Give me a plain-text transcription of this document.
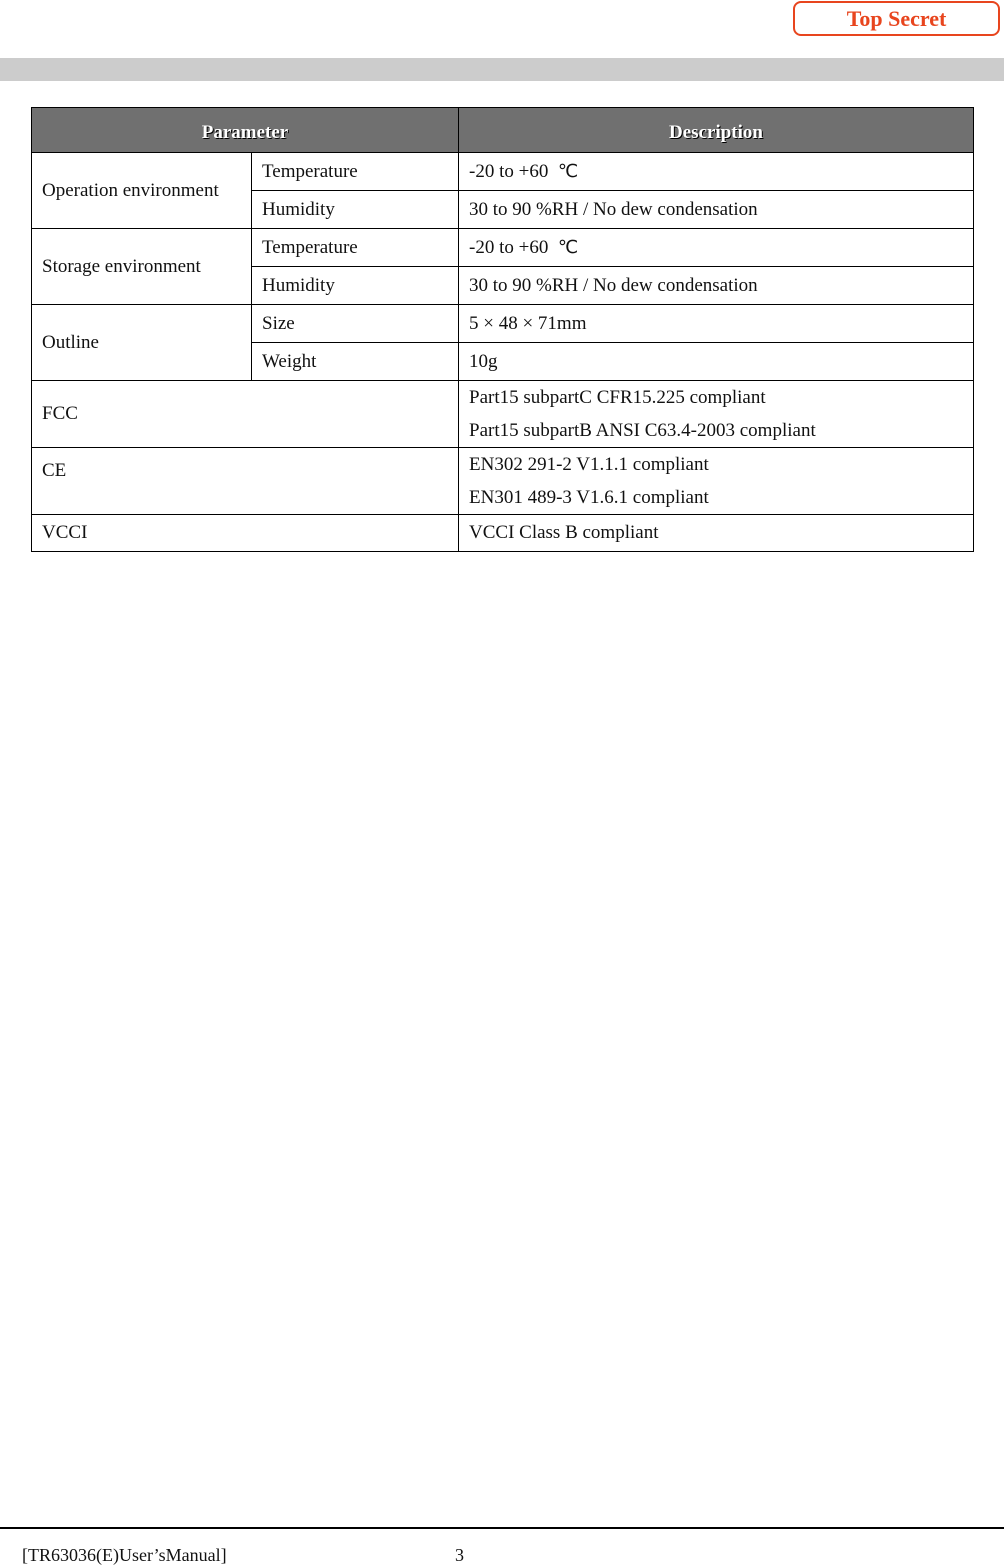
Top Secret
Parameter		Description
Operation environment	Temperature	-20 to +60 ℃
	Humidity	30 to 90 %RH / No dew condensation
Storage environment	Temperature	-20 to +60 ℃
	Humidity	30 to 90 %RH / No dew condensation
Outline	Size	5 × 48 × 71mm
	Weight	10g
FCC		Part15 subpartC CFR15.225 compliant
Part15 subpartB ANSI C63.4-2003 compliant

CE		EN302 291-2 V1.1.1 compliant
EN301 489-3 V1.6.1 compliant

VCCI		VCCI Class B compliant
[TR63036(E)User’sManual]	3
